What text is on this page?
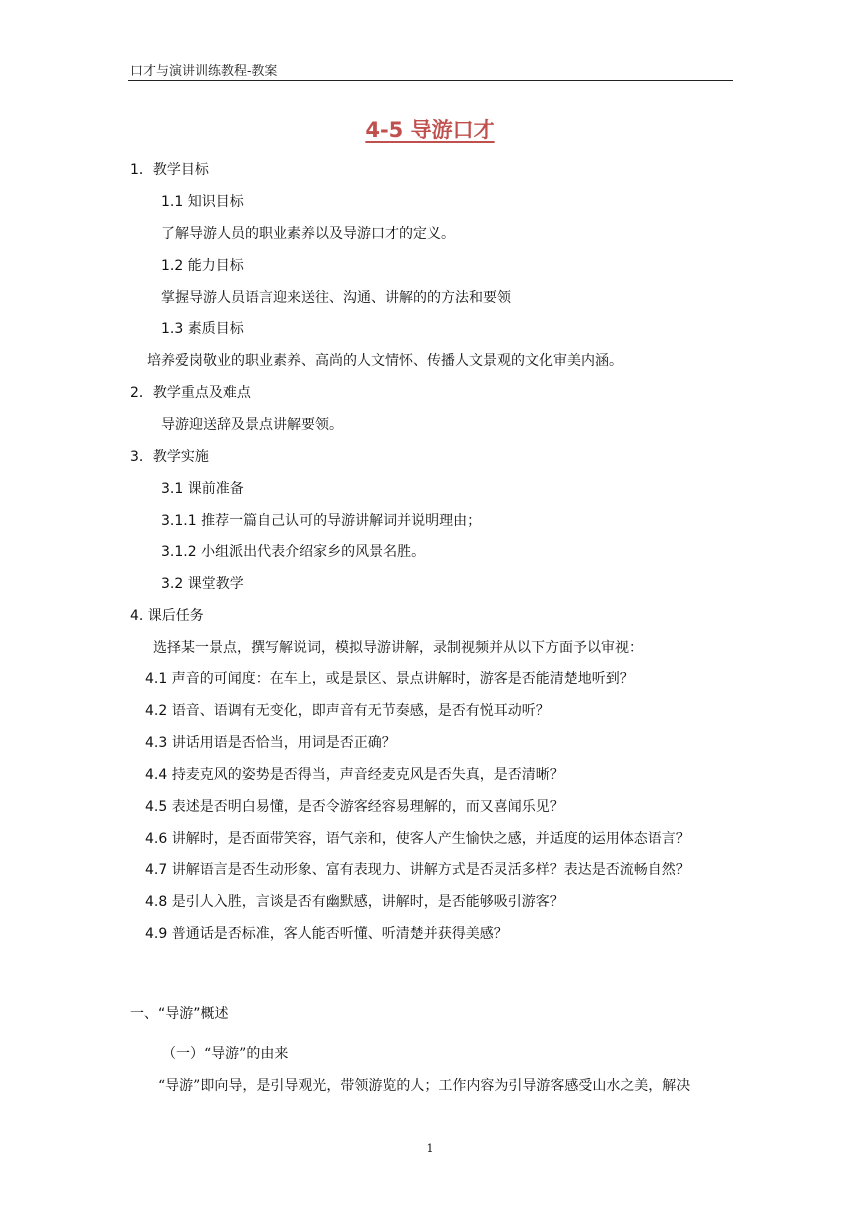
口才与演讲训练教程-教案
4-5 导游口才
1．教学目标
1.1 知识目标
了解导游人员的职业素养以及导游口才的定义。
1.2 能力目标
掌握导游人员语言迎来送往、沟通、讲解的的方法和要领
1.3 素质目标
培养爱岗敬业的职业素养、高尚的人文情怀、传播人文景观的文化审美内涵。
2．教学重点及难点
导游迎送辞及景点讲解要领。
3．教学实施
3.1 课前准备
3.1.1 推荐一篇自己认可的导游讲解词并说明理由；
3.1.2 小组派出代表介绍家乡的风景名胜。
3.2 课堂教学
4. 课后任务
选择某一景点，撰写解说词，模拟导游讲解，录制视频并从以下方面予以审视：
4.1 声音的可闻度：在车上，或是景区、景点讲解时，游客是否能清楚地听到？
4.2 语音、语调有无变化，即声音有无节奏感，是否有悦耳动听？
4.3 讲话用语是否恰当，用词是否正确？
4.4 持麦克风的姿势是否得当，声音经麦克风是否失真，是否清晰？
4.5 表述是否明白易懂，是否令游客经容易理解的，而又喜闻乐见？
4.6 讲解时，是否面带笑容，语气亲和，使客人产生愉快之感，并适度的运用体态语言？
4.7 讲解语言是否生动形象、富有表现力、讲解方式是否灵活多样？表达是否流畅自然？
4.8 是引人入胜，言谈是否有幽默感，讲解时，是否能够吸引游客？
4.9 普通话是否标准，客人能否听懂、听清楚并获得美感？
一、“导游”概述
（一）“导游”的由来
“导游”即向导，是引导观光，带领游览的人；工作内容为引导游客感受山水之美，解决
1
